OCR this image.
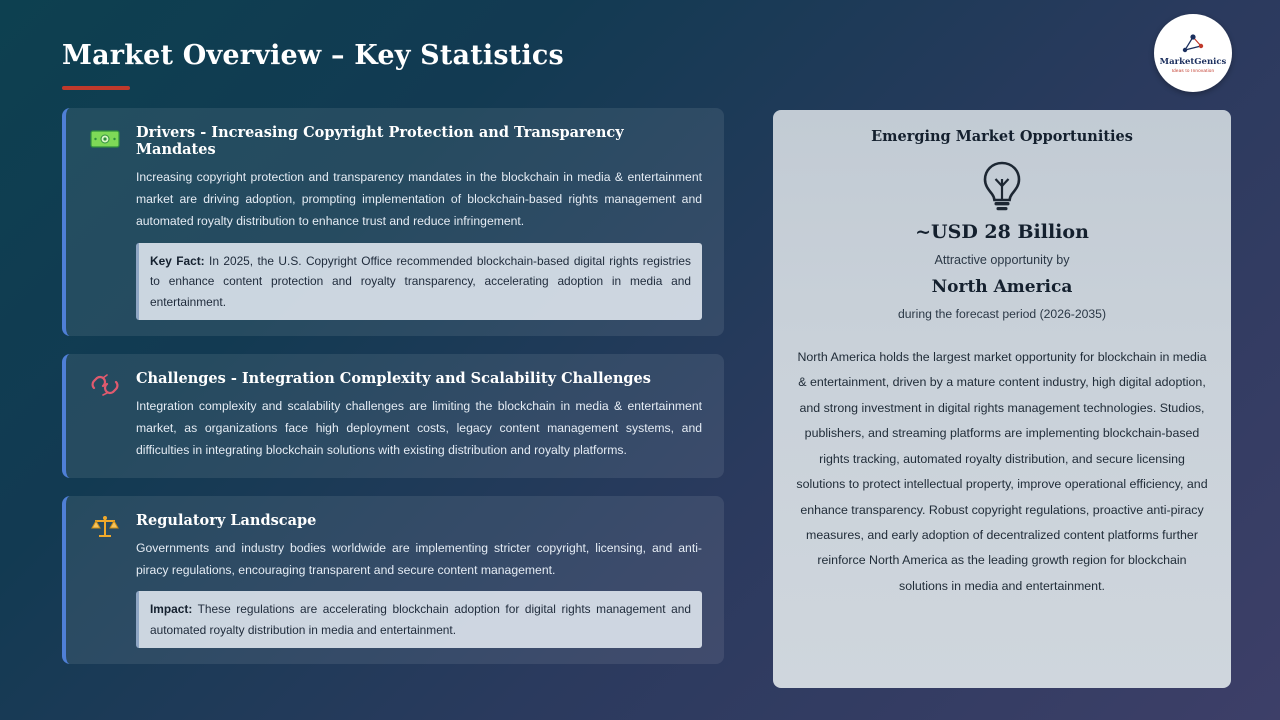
Market Overview – Key Statistics	MarketGenics
Ideas to Innovation
Drivers - Increasing Copyright Protection and Transparency Mandates
Increasing copyright protection and transparency mandates in the blockchain in media & entertainment market are driving adoption, prompting implementation of blockchain-based rights management and automated royalty distribution to enhance trust and reduce infringement.
Key Fact: In 2025, the U.S. Copyright Office recommended blockchain-based digital rights registries to enhance content protection and royalty transparency, accelerating adoption in media and entertainment.
Challenges - Integration Complexity and Scalability Challenges
Integration complexity and scalability challenges are limiting the blockchain in media & entertainment market, as organizations face high deployment costs, legacy content management systems, and difficulties in integrating blockchain solutions with existing distribution and royalty platforms.
Regulatory Landscape
Governments and industry bodies worldwide are implementing stricter copyright, licensing, and anti-piracy regulations, encouraging transparent and secure content management.
Impact: These regulations are accelerating blockchain adoption for digital rights management and automated royalty distribution in media and entertainment.
Emerging Market Opportunities
~USD 28 Billion
Attractive opportunity by
North America
during the forecast period (2026-2035)
North America holds the largest market opportunity for blockchain in media & entertainment, driven by a mature content industry, high digital adoption, and strong investment in digital rights management technologies. Studios, publishers, and streaming platforms are implementing blockchain-based rights tracking, automated royalty distribution, and secure licensing solutions to protect intellectual property, improve operational efficiency, and enhance transparency. Robust copyright regulations, proactive anti-piracy measures, and early adoption of decentralized content platforms further reinforce North America as the leading growth region for blockchain solutions in media and entertainment.
